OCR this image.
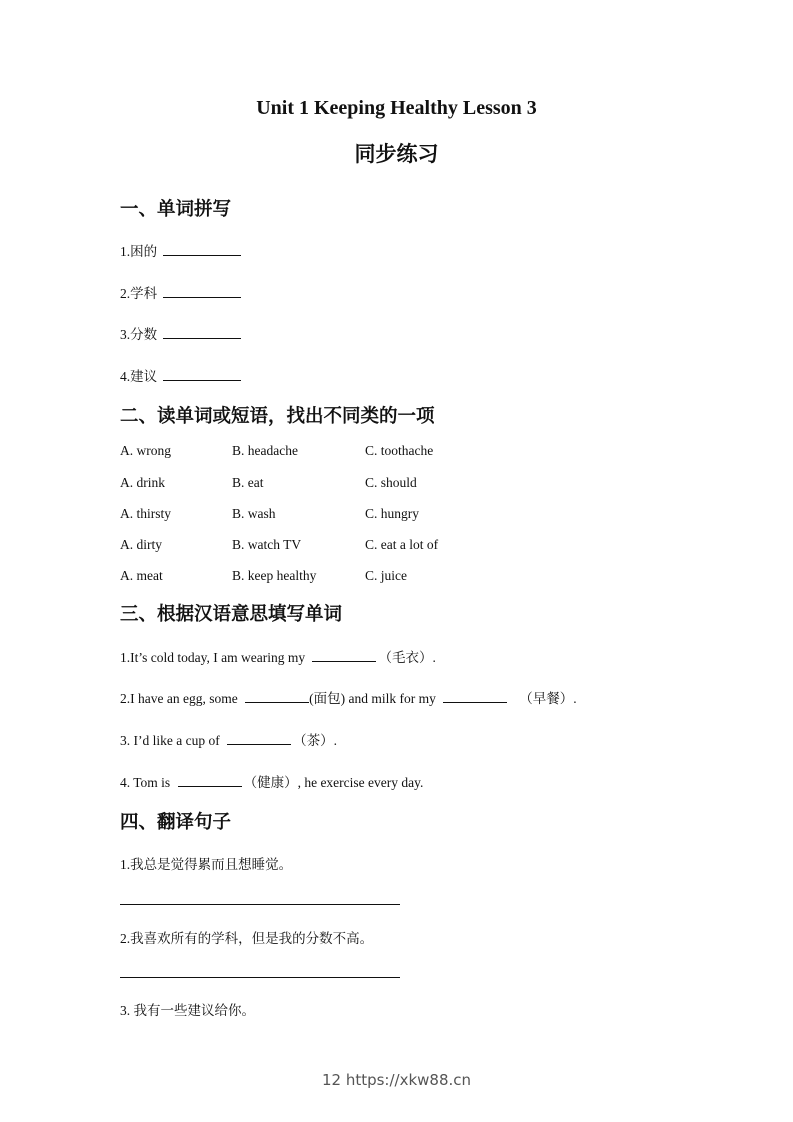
Unit 1 Keeping Healthy Lesson 3
同步练习
一、单词拼写
1.困的
2.学科
3.分数
4.建议
二、读单词或短语，找出不同类的一项
A. wrong	B. headache	C. toothache
A. drink	B. eat	C. should
A. thirsty	B. wash	C. hungry
A. dirty	B. watch TV	C. eat a lot of
A. meat	B. keep healthy	C. juice
三、根据汉语意思填写单词
1.It’s cold today, I am wearing my	（毛衣）.
2.I have an egg, some	(面包) and milk for my	（早餐）.
3. I’d like a cup of	（茶）.
4. Tom is	（健康）, he exercise every day.
四、翻译句子
1.我总是觉得累而且想睡觉。
2.我喜欢所有的学科，但是我的分数不高。
3. 我有一些建议给你。
12 https://xkw88.cn
